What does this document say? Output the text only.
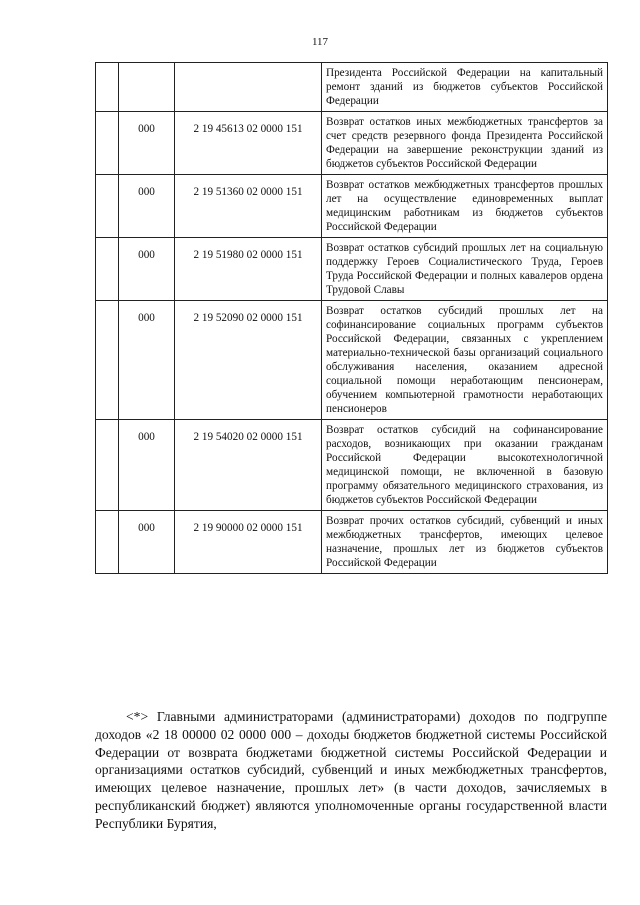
117
			Президента Российской Федерации на капитальный ремонт зданий из бюджетов субъектов Российской Федерации
	000	2 19 45613 02 0000 151	Возврат остатков иных межбюджетных трансфертов за счет средств резервного фонда Президента Российской Федерации на завершение реконструкции зданий из бюджетов субъектов Российской Федерации
	000	2 19 51360 02 0000 151	Возврат остатков межбюджетных трансфертов прошлых лет на осуществление единовременных выплат медицинским работникам из бюджетов субъектов Российской Федерации
	000	2 19 51980 02 0000 151	Возврат остатков субсидий прошлых лет на социальную поддержку Героев Социалистического Труда, Героев Труда Российской Федерации и полных кавалеров ордена Трудовой Славы
	000	2 19 52090 02 0000 151	Возврат остатков субсидий прошлых лет на софинансирование социальных программ субъектов Российской Федерации, связанных с укреплением материально-технической базы организаций социального обслуживания населения, оказанием адресной социальной помощи неработающим пенсионерам, обучением компьютерной грамотности неработающих пенсионеров
	000	2 19 54020 02 0000 151	Возврат остатков субсидий на софинансирование расходов, возникающих при оказании гражданам Российской Федерации высокотехнологичной медицинской помощи, не включенной в базовую программу обязательного медицинского страхования, из бюджетов субъектов Российской Федерации
	000	2 19 90000 02 0000 151	Возврат прочих остатков субсидий, субвенций и иных межбюджетных трансфертов, имеющих целевое назначение, прошлых лет из бюджетов субъектов Российской Федерации
<*> Главными администраторами (администраторами) доходов по подгруппе доходов «2 18 00000 02 0000 000 – доходы бюджетов бюджетной системы Российской Федерации от возврата бюджетами бюджетной системы Российской Федерации и организациями остатков субсидий, субвенций и иных межбюджетных трансфертов, имеющих целевое назначение, прошлых лет» (в части доходов, зачисляемых в республиканский бюджет) являются уполномоченные органы государственной власти Республики Бурятия,
